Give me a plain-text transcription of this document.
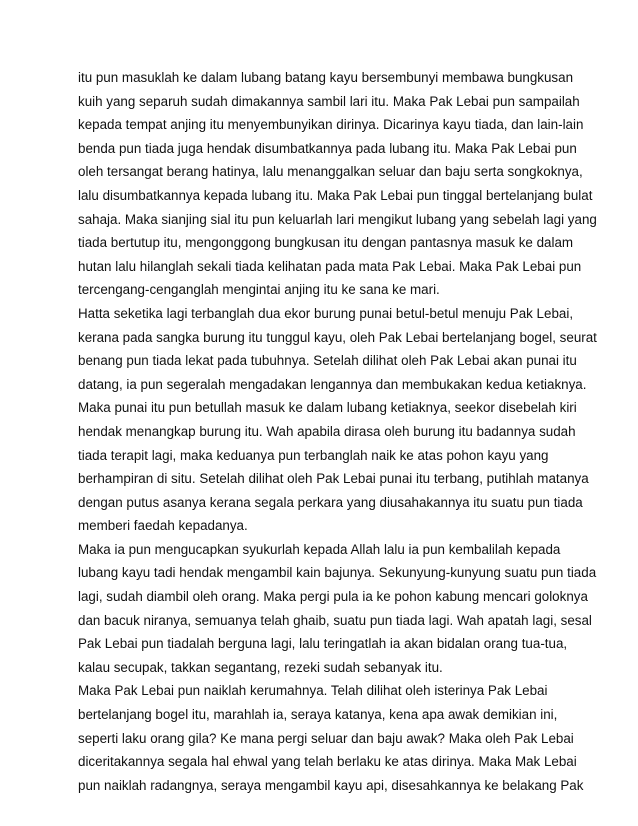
itu pun masuklah ke dalam lubang batang kayu bersembunyi membawa bungkusan
kuih yang separuh sudah dimakannya sambil lari itu. Maka Pak Lebai pun sampailah
kepada tempat anjing itu menyembunyikan dirinya. Dicarinya kayu tiada, dan lain-lain
benda pun tiada juga hendak disumbatkannya pada lubang itu. Maka Pak Lebai pun
oleh tersangat berang hatinya, lalu menanggalkan seluar dan baju serta songkoknya,
lalu disumbatkannya kepada lubang itu. Maka Pak Lebai pun tinggal bertelanjang bulat
sahaja. Maka sianjing sial itu pun keluarlah lari mengikut lubang yang sebelah lagi yang
tiada bertutup itu, mengonggong bungkusan itu dengan pantasnya masuk ke dalam
hutan lalu hilanglah sekali tiada kelihatan pada mata Pak Lebai. Maka Pak Lebai pun
tercengang-cenganglah mengintai anjing itu ke sana ke mari.
Hatta seketika lagi terbanglah dua ekor burung punai betul-betul menuju Pak Lebai,
kerana pada sangka burung itu tunggul kayu, oleh Pak Lebai bertelanjang bogel, seurat
benang pun tiada lekat pada tubuhnya. Setelah dilihat oleh Pak Lebai akan punai itu
datang, ia pun segeralah mengadakan lengannya dan membukakan kedua ketiaknya.
Maka punai itu pun betullah masuk ke dalam lubang ketiaknya, seekor disebelah kiri
hendak menangkap burung itu. Wah apabila dirasa oleh burung itu badannya sudah
tiada terapit lagi, maka keduanya pun terbanglah naik ke atas pohon kayu yang
berhampiran di situ. Setelah dilihat oleh Pak Lebai punai itu terbang, putihlah matanya
dengan putus asanya kerana segala perkara yang diusahakannya itu suatu pun tiada
memberi faedah kepadanya.
Maka ia pun mengucapkan syukurlah kepada Allah lalu ia pun kembalilah kepada
lubang kayu tadi hendak mengambil kain bajunya. Sekunyung-kunyung suatu pun tiada
lagi, sudah diambil oleh orang. Maka pergi pula ia ke pohon kabung mencari goloknya
dan bacuk niranya, semuanya telah ghaib, suatu pun tiada lagi. Wah apatah lagi, sesal
Pak Lebai pun tiadalah berguna lagi, lalu teringatlah ia akan bidalan orang tua-tua,
kalau secupak, takkan segantang, rezeki sudah sebanyak itu.
Maka Pak Lebai pun naiklah kerumahnya. Telah dilihat oleh isterinya Pak Lebai
bertelanjang bogel itu, marahlah ia, seraya katanya, kena apa awak demikian ini,
seperti laku orang gila? Ke mana pergi seluar dan baju awak? Maka oleh Pak Lebai
diceritakannya segala hal ehwal yang telah berlaku ke atas dirinya. Maka Mak Lebai
pun naiklah radangnya, seraya mengambil kayu api, disesahkannya ke belakang Pak
